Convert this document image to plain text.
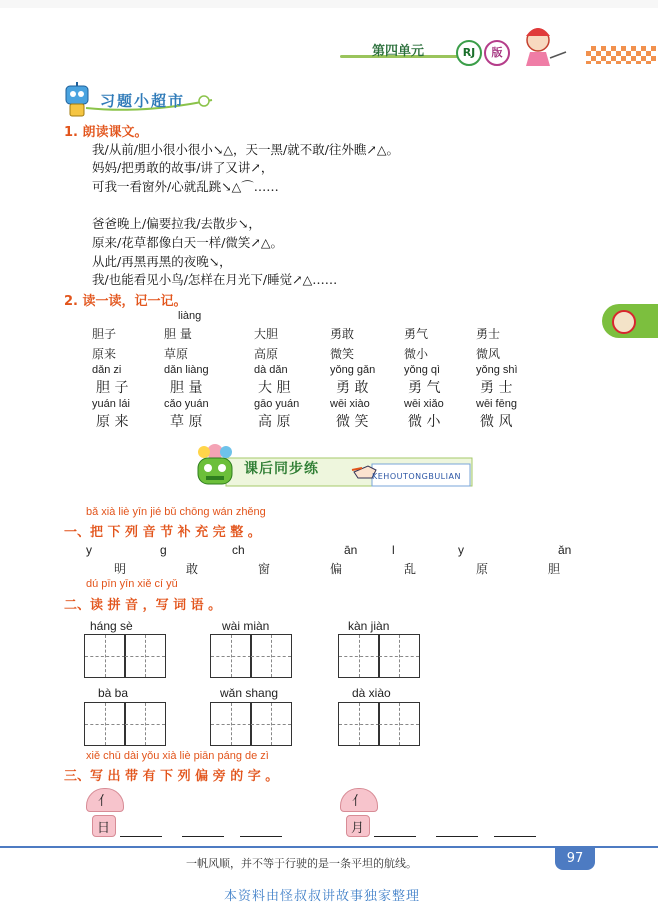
第四单元	RJ	版
习题小超市
1. 朗读课文。
我/从前/胆小很小很小↘△，天一黑/就不敢/往外瞧↗△。
妈妈/把勇敢的故事/讲了又讲↗，
可我一看窗外/心就乱跳↘△⌒……
爸爸晚上/偏要拉我/去散步↘，
原来/花草都像白天一样/微笑↗△。
从此/再黑再黑的夜晚↘，
我/也能看见小鸟/怎样在月光下/睡觉↗△……
2. 读一读，记一记。
liàng
胆子	胆 量	大胆	勇敢	勇气	勇士
原来	草原	高原	微笑	微小	微风
dǎn zi	dǎn liàng	dà dǎn	yǒng gǎn	yǒng qì	yǒng shì
胆 子	胆 量	大 胆	勇 敢	勇 气	勇 士
yuán lái	cǎo yuán	gāo yuán	wēi xiào	wēi xiǎo	wēi fēng
原 来	草 原	高 原	微 笑	微 小	微 风
课后同步练	KEHOUTONGBULIAN
bǎ xià liè yīn jié bǔ chōng wán zhěng
一、把 下 列 音 节 补 充 完 整 。
y	g	ch	ān	l	y	ǎn
明	敢	窗	偏	乱	原	胆
dú pīn yīn xiě cí yǔ
二、读 拼 音 ，写 词 语 。
háng sè	wài miàn	kàn jiàn
bà ba	wǎn shang	dà xiào
xiě chū dài yǒu xià liè piān páng de zì
三、写 出 带 有 下 列 偏 旁 的 字 。
亻
日
亻
月
一帆风顺，并不等于行驶的是一条平坦的航线。	97
本资料由怪叔叔讲故事独家整理
